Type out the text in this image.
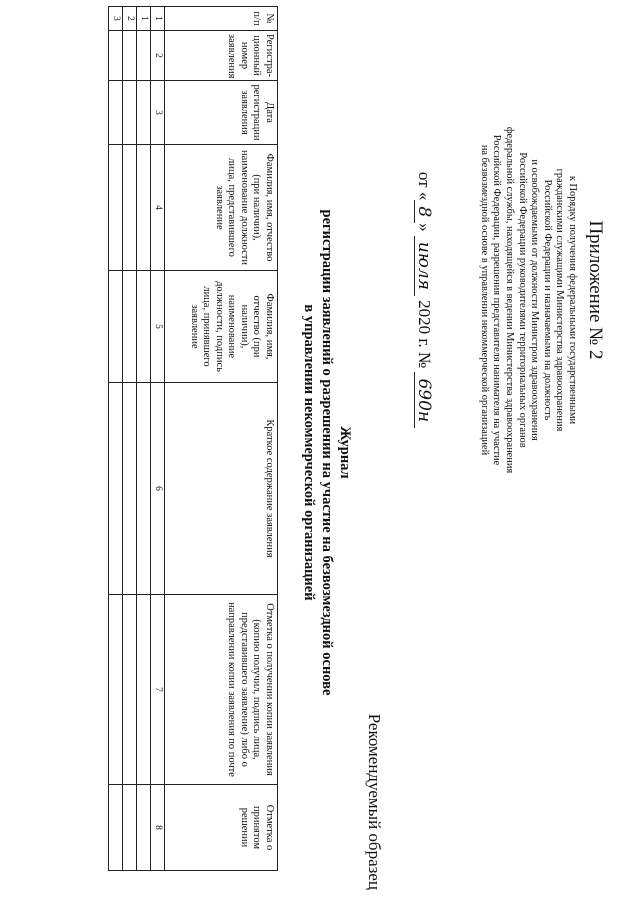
Приложение № 2
к Порядку получения федеральными государственными
гражданскими служащими Министерства здравоохранения
Российской Федерации и назначаемыми на должность
и освобождаемыми от должности Министром здравоохранения
Российской Федерации руководителями территориальных органов
федеральной службы, находящейся в ведении Министерства здравоохранения
Российской Федерации, разрешения представителя нанимателя на участие
на безвозмездной основе в управлении некоммерческой организацией
от «8» июля 2020 г. № 690н
Рекомендуемый образец
Журнал
регистрации заявлений о разрешении на участие на безвозмездной основе
в управлении некоммерческой организацией
№ п/п	Регистра-ционный номер заявления	Дата регистрации заявления	Фамилия, имя, отчество (при наличии), наименование должности лица, представившего заявление	Фамилия, имя, отчество (при наличии), наименование должности, подпись лица, принявшего заявление	Краткое содержание заявления	Отметка о получении копии заявления (копию получил, подпись лица, представившего заявление) либо о направлении копии заявления по почте	Отметка о принятом решении
1	2	3	4	5	6	7	8
1							
2							
3							
